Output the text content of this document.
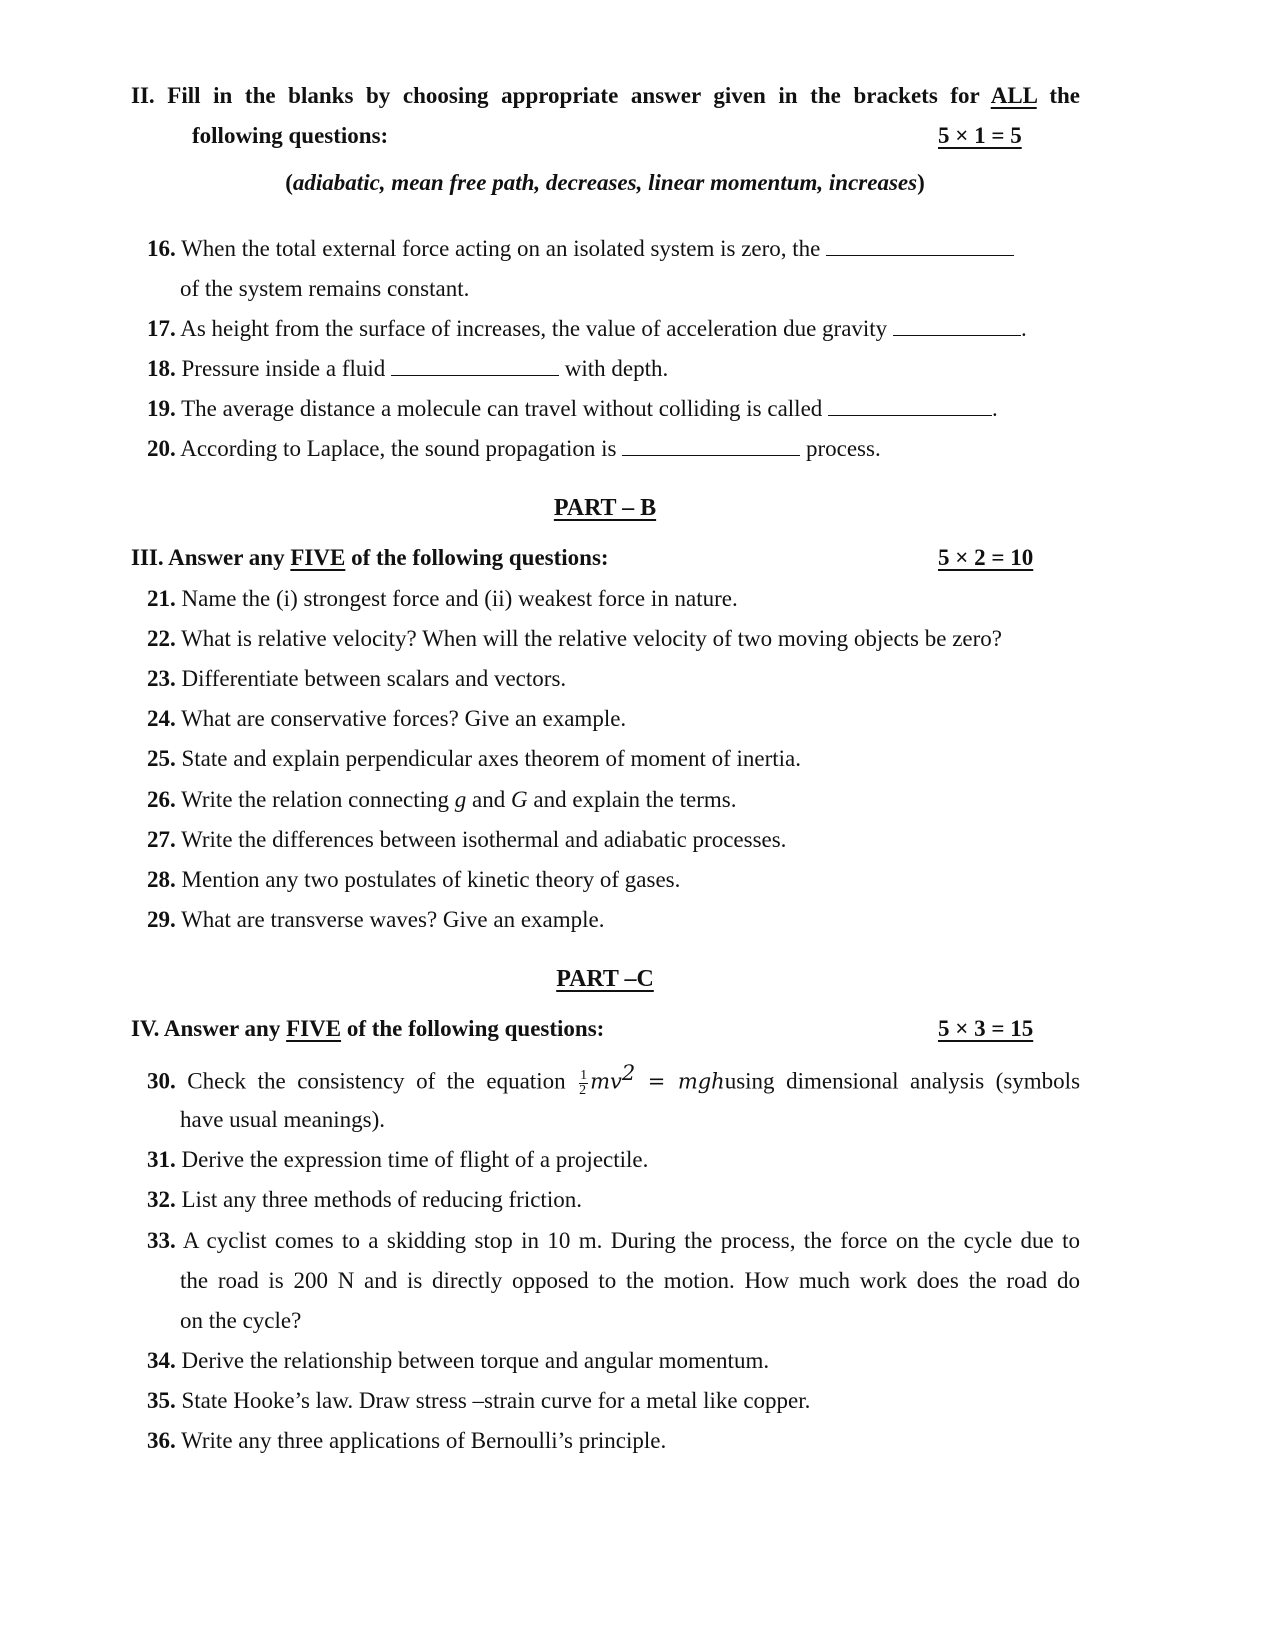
II. Fill in the blanks by choosing appropriate answer given in the brackets for ALL the
following questions:	5 × 1 = 5
(adiabatic, mean free path, decreases, linear momentum, increases)
16. When the total external force acting on an isolated system is zero, the
of the system remains constant.
17. As height from the surface of increases, the value of acceleration due gravity	.
18. Pressure inside a fluid	with depth.
19. The average distance a molecule can travel without colliding is called	.
20. According to Laplace, the sound propagation is	process.
PART – B
III. Answer any FIVE of the following questions:	5 × 2 = 10
21. Name the (i) strongest force and (ii) weakest force in nature.
22. What is relative velocity? When will the relative velocity of two moving objects be zero?
23. Differentiate between scalars and vectors.
24. What are conservative forces? Give an example.
25. State and explain perpendicular axes theorem of moment of inertia.
26. Write the relation connecting g and G and explain the terms.
27. Write the differences between isothermal and adiabatic processes.
28. Mention any two postulates of kinetic theory of gases.
29. What are transverse waves? Give an example.
PART –C
IV. Answer any FIVE of the following questions:	5 × 3 = 15
30. Check the consistency of the equation $\frac{1}{2} mv^2$ = mghusing dimensional analysis (symbols
have usual meanings).
31. Derive the expression time of flight of a projectile.
32. List any three methods of reducing friction.
33. A cyclist comes to a skidding stop in 10 m. During the process, the force on the cycle due to
the road is 200 N and is directly opposed to the motion. How much work does the road do
on the cycle?
34. Derive the relationship between torque and angular momentum.
35. State Hooke’s law. Draw stress –strain curve for a metal like copper.
36. Write any three applications of Bernoulli’s principle.
